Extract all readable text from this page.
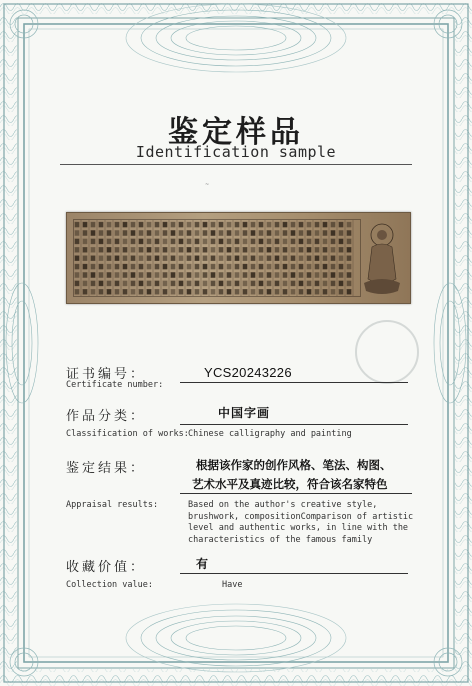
鉴定样品
Identification sample
~
证书编号：
Certificate number:
YCS20243226
作品分类：	中国字画
Classification of works: Chinese calligraphy and painting
鉴定结果：	根据该作家的创作风格、笔法、构图、
艺术水平及真迹比较，符合该名家特色
Appraisal results:	Based on the author's creative style,
brushwork, compositionComparison of artistic
level and authentic works, in line with the
characteristics of the famous family
收藏价值：	有
Collection value:	Have
